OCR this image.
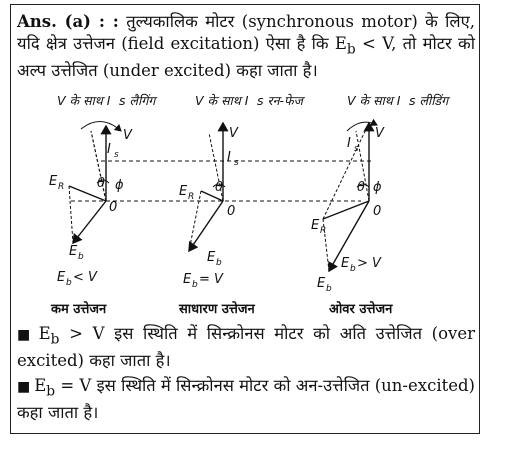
Ans. (a) : : तुल्यकालिक मोटर (synchronous motor) के लिए, यदि क्षेत्र उत्तेजन (field excitation) ऐसा है कि $E_b < V$, तो मोटर को अल्प उत्तेजित (under excited) कहा जाता है।

V के साथ I s लैगिंग	V के साथ I s रन-फेज	V के साथ I s लीडिंग
V
I s
E R	θ ϕ
0
E b
E b < V
V
I s
E R
θ
0
E b
E b = V
V
I s
E R
θ ϕ
0
E b
E b > V
कम उत्तेजन	साधारण उत्तेजन	ओवर उत्तेजन

■ $E_b > V$ इस स्थिति में सिन्क्रोनस मोटर को अति उत्तेजित (over excited) कहा जाता है।

■ $E_b = V$ इस स्थिति में सिन्क्रोनस मोटर को अन-उत्तेजित (un-excited) कहा जाता है।
